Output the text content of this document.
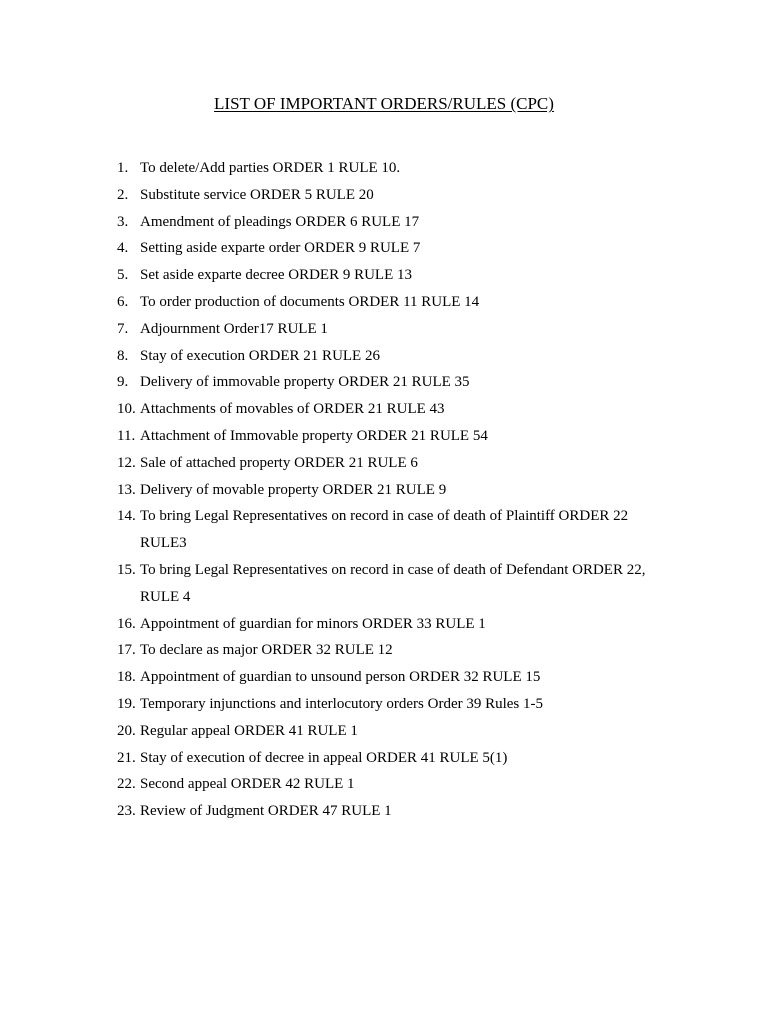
LIST OF IMPORTANT ORDERS/RULES (CPC)
1. To delete/Add parties ORDER 1 RULE 10.
2. Substitute service ORDER 5 RULE 20
3. Amendment of pleadings ORDER 6 RULE 17
4. Setting aside exparte order ORDER 9 RULE 7
5. Set aside exparte decree ORDER 9 RULE 13
6. To order production of documents ORDER 11 RULE 14
7. Adjournment Order17 RULE 1
8. Stay of execution ORDER 21 RULE 26
9. Delivery of immovable property ORDER 21 RULE 35
10. Attachments of movables of ORDER 21 RULE 43
11. Attachment of Immovable property ORDER 21 RULE 54
12. Sale of attached property ORDER 21 RULE 6
13. Delivery of movable property ORDER 21 RULE 9
14. To bring Legal Representatives on record in case of death of Plaintiff ORDER 22 RULE3
15. To bring Legal Representatives on record in case of death of Defendant ORDER 22, RULE 4
16. Appointment of guardian for minors ORDER 33 RULE 1
17. To declare as major ORDER 32 RULE 12
18. Appointment of guardian to unsound person ORDER 32 RULE 15
19. Temporary injunctions and interlocutory orders Order 39 Rules 1-5
20. Regular appeal ORDER 41 RULE 1
21. Stay of execution of decree in appeal ORDER 41 RULE 5(1)
22. Second appeal ORDER 42 RULE 1
23. Review of Judgment ORDER 47 RULE 1
